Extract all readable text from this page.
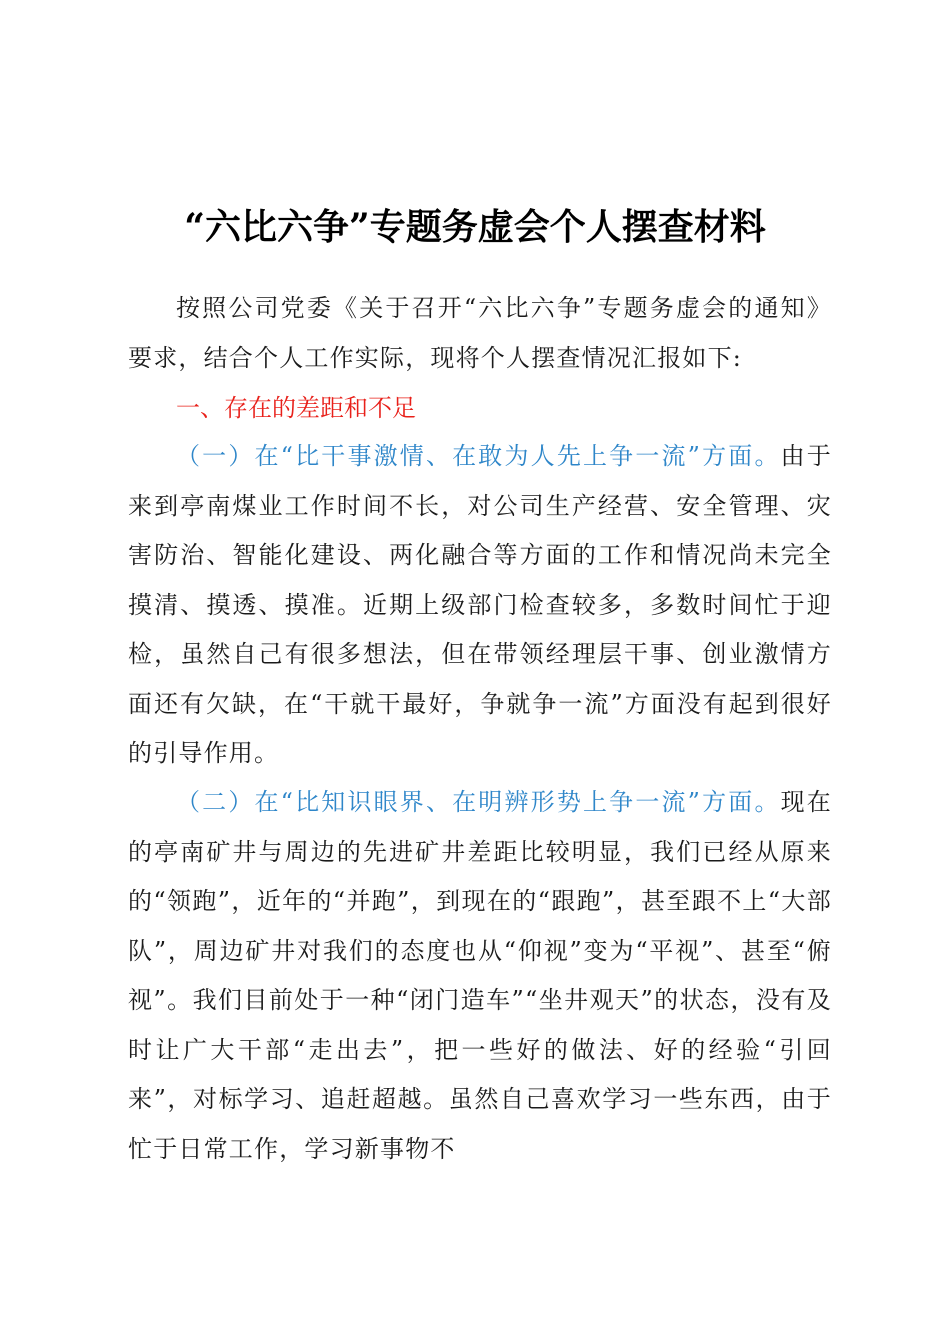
“六比六争”专题务虚会个人摆查材料

按照公司党委《关于召开“六比六争”专题务虚会的通知》要求，结合个人工作实际，现将个人摆查情况汇报如下:

一、存在的差距和不足

（一）在“比干事激情、在敢为人先上争一流”方面。由于来到亭南煤业工作时间不长，对公司生产经营、安全管理、灾害防治、智能化建设、两化融合等方面的工作和情况尚未完全摸清、摸透、摸准。近期上级部门检查较多，多数时间忙于迎检，虽然自己有很多想法，但在带领经理层干事、创业激情方面还有欠缺，在“干就干最好，争就争一流”方面没有起到很好的引导作用。

（二）在“比知识眼界、在明辨形势上争一流”方面。现在的亭南矿井与周边的先进矿井差距比较明显，我们已经从原来的“领跑”，近年的“并跑”，到现在的“跟跑”，甚至跟不上“大部队”，周边矿井对我们的态度也从“仰视”变为“平视”、甚至“俯视”。我们目前处于一种“闭门造车”“坐井观天”的状态，没有及时让广大干部“走出去”，把一些好的做法、好的经验“引回来”，对标学习、追赶超越。虽然自己喜欢学习一些东西，由于忙于日常工作，学习新事物不
